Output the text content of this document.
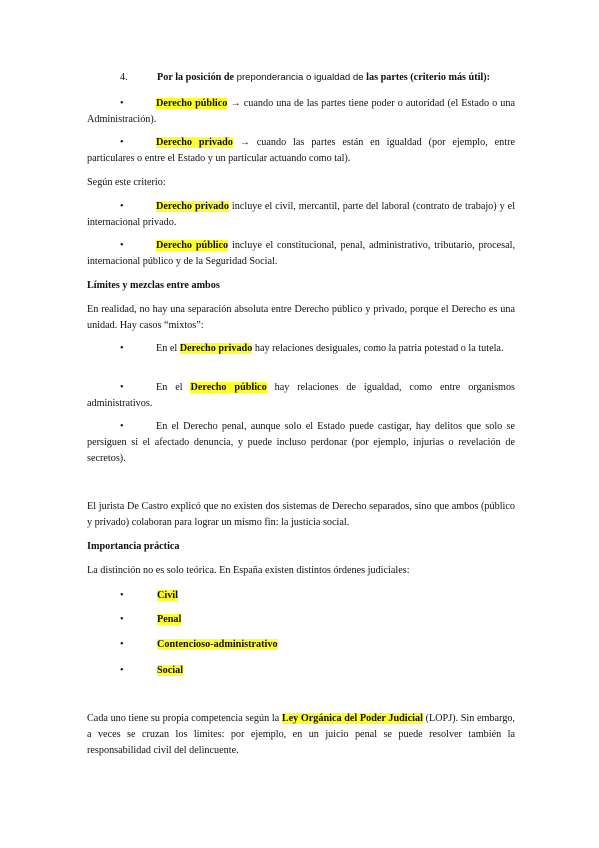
4.	Por la posición de preponderancia o igualdad de las partes (criterio más útil):

•	Derecho público → cuando una de las partes tiene poder o autoridad (el Estado o una Administración).

•	Derecho privado → cuando las partes están en igualdad (por ejemplo, entre particulares o entre el Estado y un particular actuando como tal).

Según este criterio:

•	Derecho privado incluye el civil, mercantil, parte del laboral (contrato de trabajo) y el internacional privado.

•	Derecho público incluye el constitucional, penal, administrativo, tributario, procesal, internacional público y de la Seguridad Social.

Límites y mezclas entre ambos

En realidad, no hay una separación absoluta entre Derecho público y privado, porque el Derecho es una unidad. Hay casos “mixtos”:

•	En el Derecho privado hay relaciones desiguales, como la patria potestad o la tutela.

•	En el Derecho público hay relaciones de igualdad, como entre organismos administrativos.

•	En el Derecho penal, aunque solo el Estado puede castigar, hay delitos que solo se persiguen si el afectado denuncia, y puede incluso perdonar (por ejemplo, injurias o revelación de secretos).

El jurista De Castro explicó que no existen dos sistemas de Derecho separados, sino que ambos (público y privado) colaboran para lograr un mismo fin: la justicia social.

Importancia práctica

La distinción no es solo teórica. En España existen distintos órdenes judiciales:

•	Civil
•	Penal
•	Contencioso-administrativo
•	Social

Cada uno tiene su propia competencia según la Ley Orgánica del Poder Judicial (LOPJ). Sin embargo, a veces se cruzan los límites: por ejemplo, en un juicio penal se puede resolver también la responsabilidad civil del delincuente.
